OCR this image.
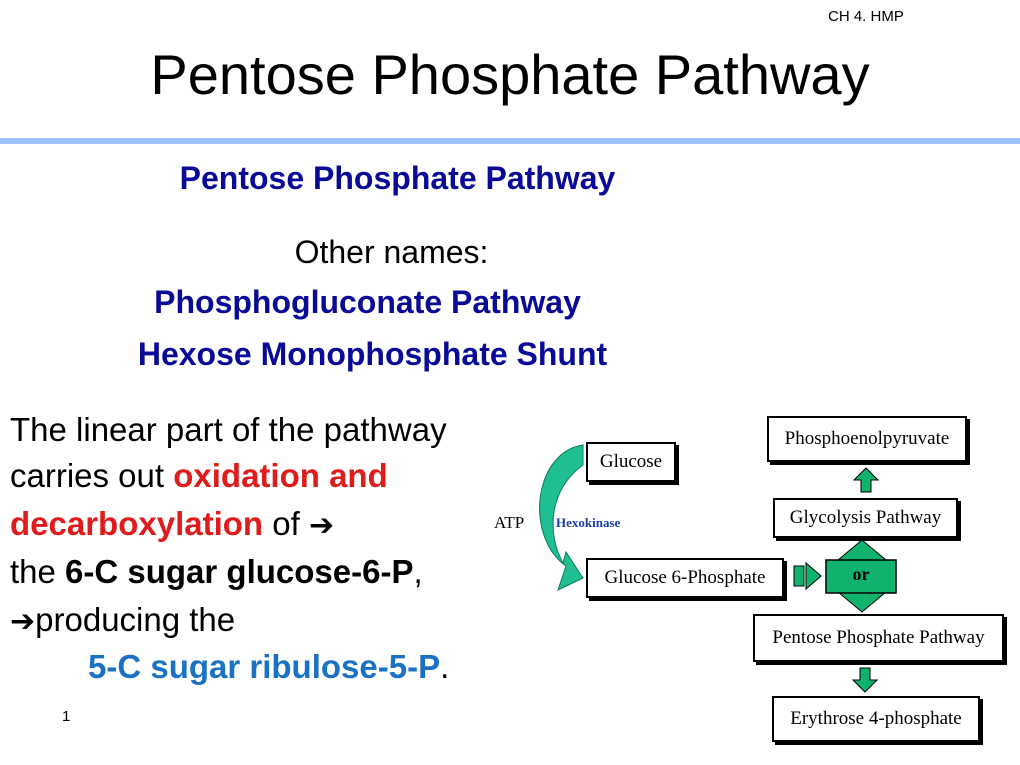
CH 4. HMP
Pentose Phosphate Pathway
Pentose Phosphate Pathway
Other names:
Phosphogluconate Pathway
Hexose Monophosphate Shunt
The linear part of the pathway
carries out oxidation and
decarboxylation of ➔
the 6-C sugar glucose-6-P,
➔producing the
5-C sugar ribulose-5-P.
1
ATP Hexokinase
Glucose
Glucose 6-Phosphate
Phosphoenolpyruvate
Glycolysis Pathway
or
Pentose Phosphate Pathway
Erythrose 4-phosphate
